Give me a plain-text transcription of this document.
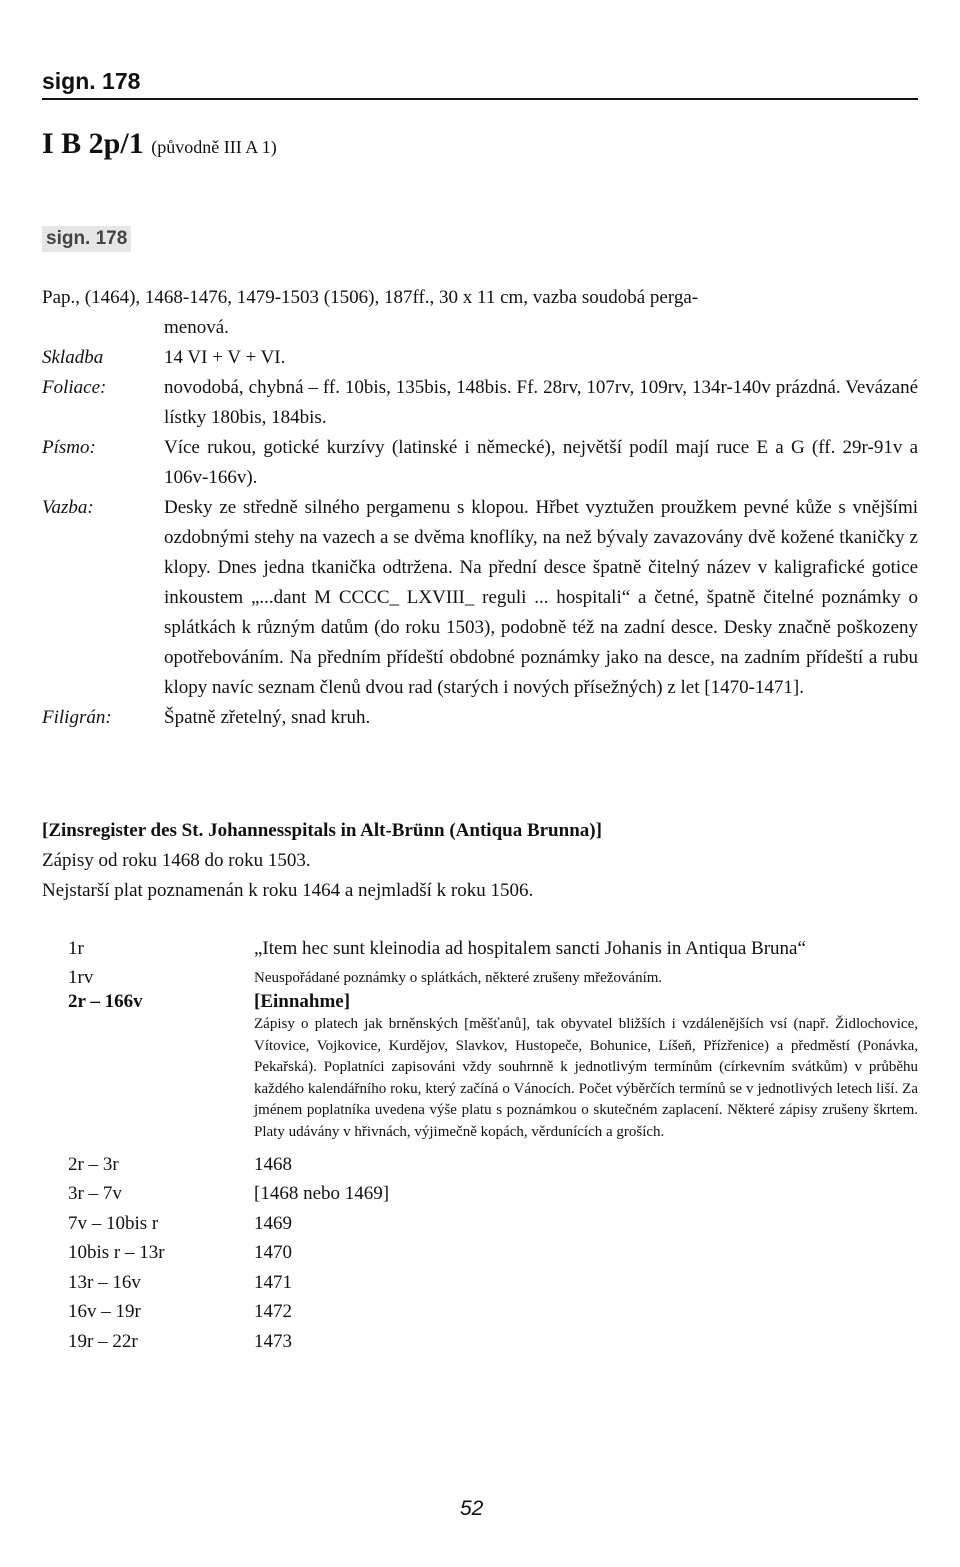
sign. 178
I B 2p/1 (původně III A 1)
sign. 178

Pap., (1464), 1468-1476, 1479-1503 (1506), 187ff., 30 x 11 cm, vazba soudobá perga-

menová.

Skladba	14 VI + V + VI.
Foliace:	novodobá, chybná – ff. 10bis, 135bis, 148bis. Ff. 28rv, 107rv, 109rv, 134r-140v prázdná. Vevázané lístky 180bis, 184bis.
Písmo:	Více rukou, gotické kurzívy (latinské i německé), největší podíl mají ruce E a G (ff. 29r-91v a 106v-166v).
Vazba:	Desky ze středně silného pergamenu s klopou. Hřbet vyztužen proužkem pevné kůže s vnějšími ozdobnými stehy na vazech a se dvěma knoflíky, na než bývaly zavazovány dvě kožené tkaničky z klopy. Dnes jedna tkanička odtržena. Na přední desce špatně čitelný název v kaligrafické gotice inkoustem „...dant M CCCC_ LXVIII_ reguli ... hospitali“ a četné, špatně čitelné poznámky o splátkách k různým datům (do roku 1503), podobně též na zadní desce. Desky značně poškozeny opotřebováním. Na předním přídeští obdobné poznámky jako na desce, na zadním přídeští a rubu klopy navíc seznam členů dvou rad (starých i nových přísežných) z let [1470-1471].
Filigrán:	Špatně zřetelný, snad kruh.

[Zinsregister des St. Johannesspitals in Alt-Brünn (Antiqua Brunna)]

Zápisy od roku 1468 do roku 1503.

Nejstarší plat poznamenán k roku 1464 a nejmladší k roku 1506.

1r	„Item hec sunt kleinodia ad hospitalem sancti Johanis in Antiqua Bruna“
1rv	Neuspořádané poznámky o splátkách, některé zrušeny mřežováním.
2r – 166v	[Einnahme]
Zápisy o platech jak brněnských [měšťanů], tak obyvatel bližších i vzdálenějších vsí (např. Židlochovice, Vítovice, Vojkovice, Kurdějov, Slavkov, Hustopeče, Bohunice, Líšeň, Přízřenice) a předměstí (Ponávka, Pekařská). Poplatníci zapisováni vždy souhrnně k jednotlivým termínům (církevním svátkům) v průběhu každého kalendářního roku, který začíná o Vánocích. Počet výběrčích termínů se v jednotlivých letech liší. Za jménem poplatníka uvedena výše platu s poznámkou o skutečném zaplacení. Některé zápisy zrušeny škrtem. Platy udávány v hřivnách, výjimečně kopách, věrdunících a groších.
2r – 3r	1468
3r – 7v	[1468 nebo 1469]
7v – 10bis r	1469
10bis r – 13r	1470
13r – 16v	1471
16v – 19r	1472
19r – 22r	1473
52
